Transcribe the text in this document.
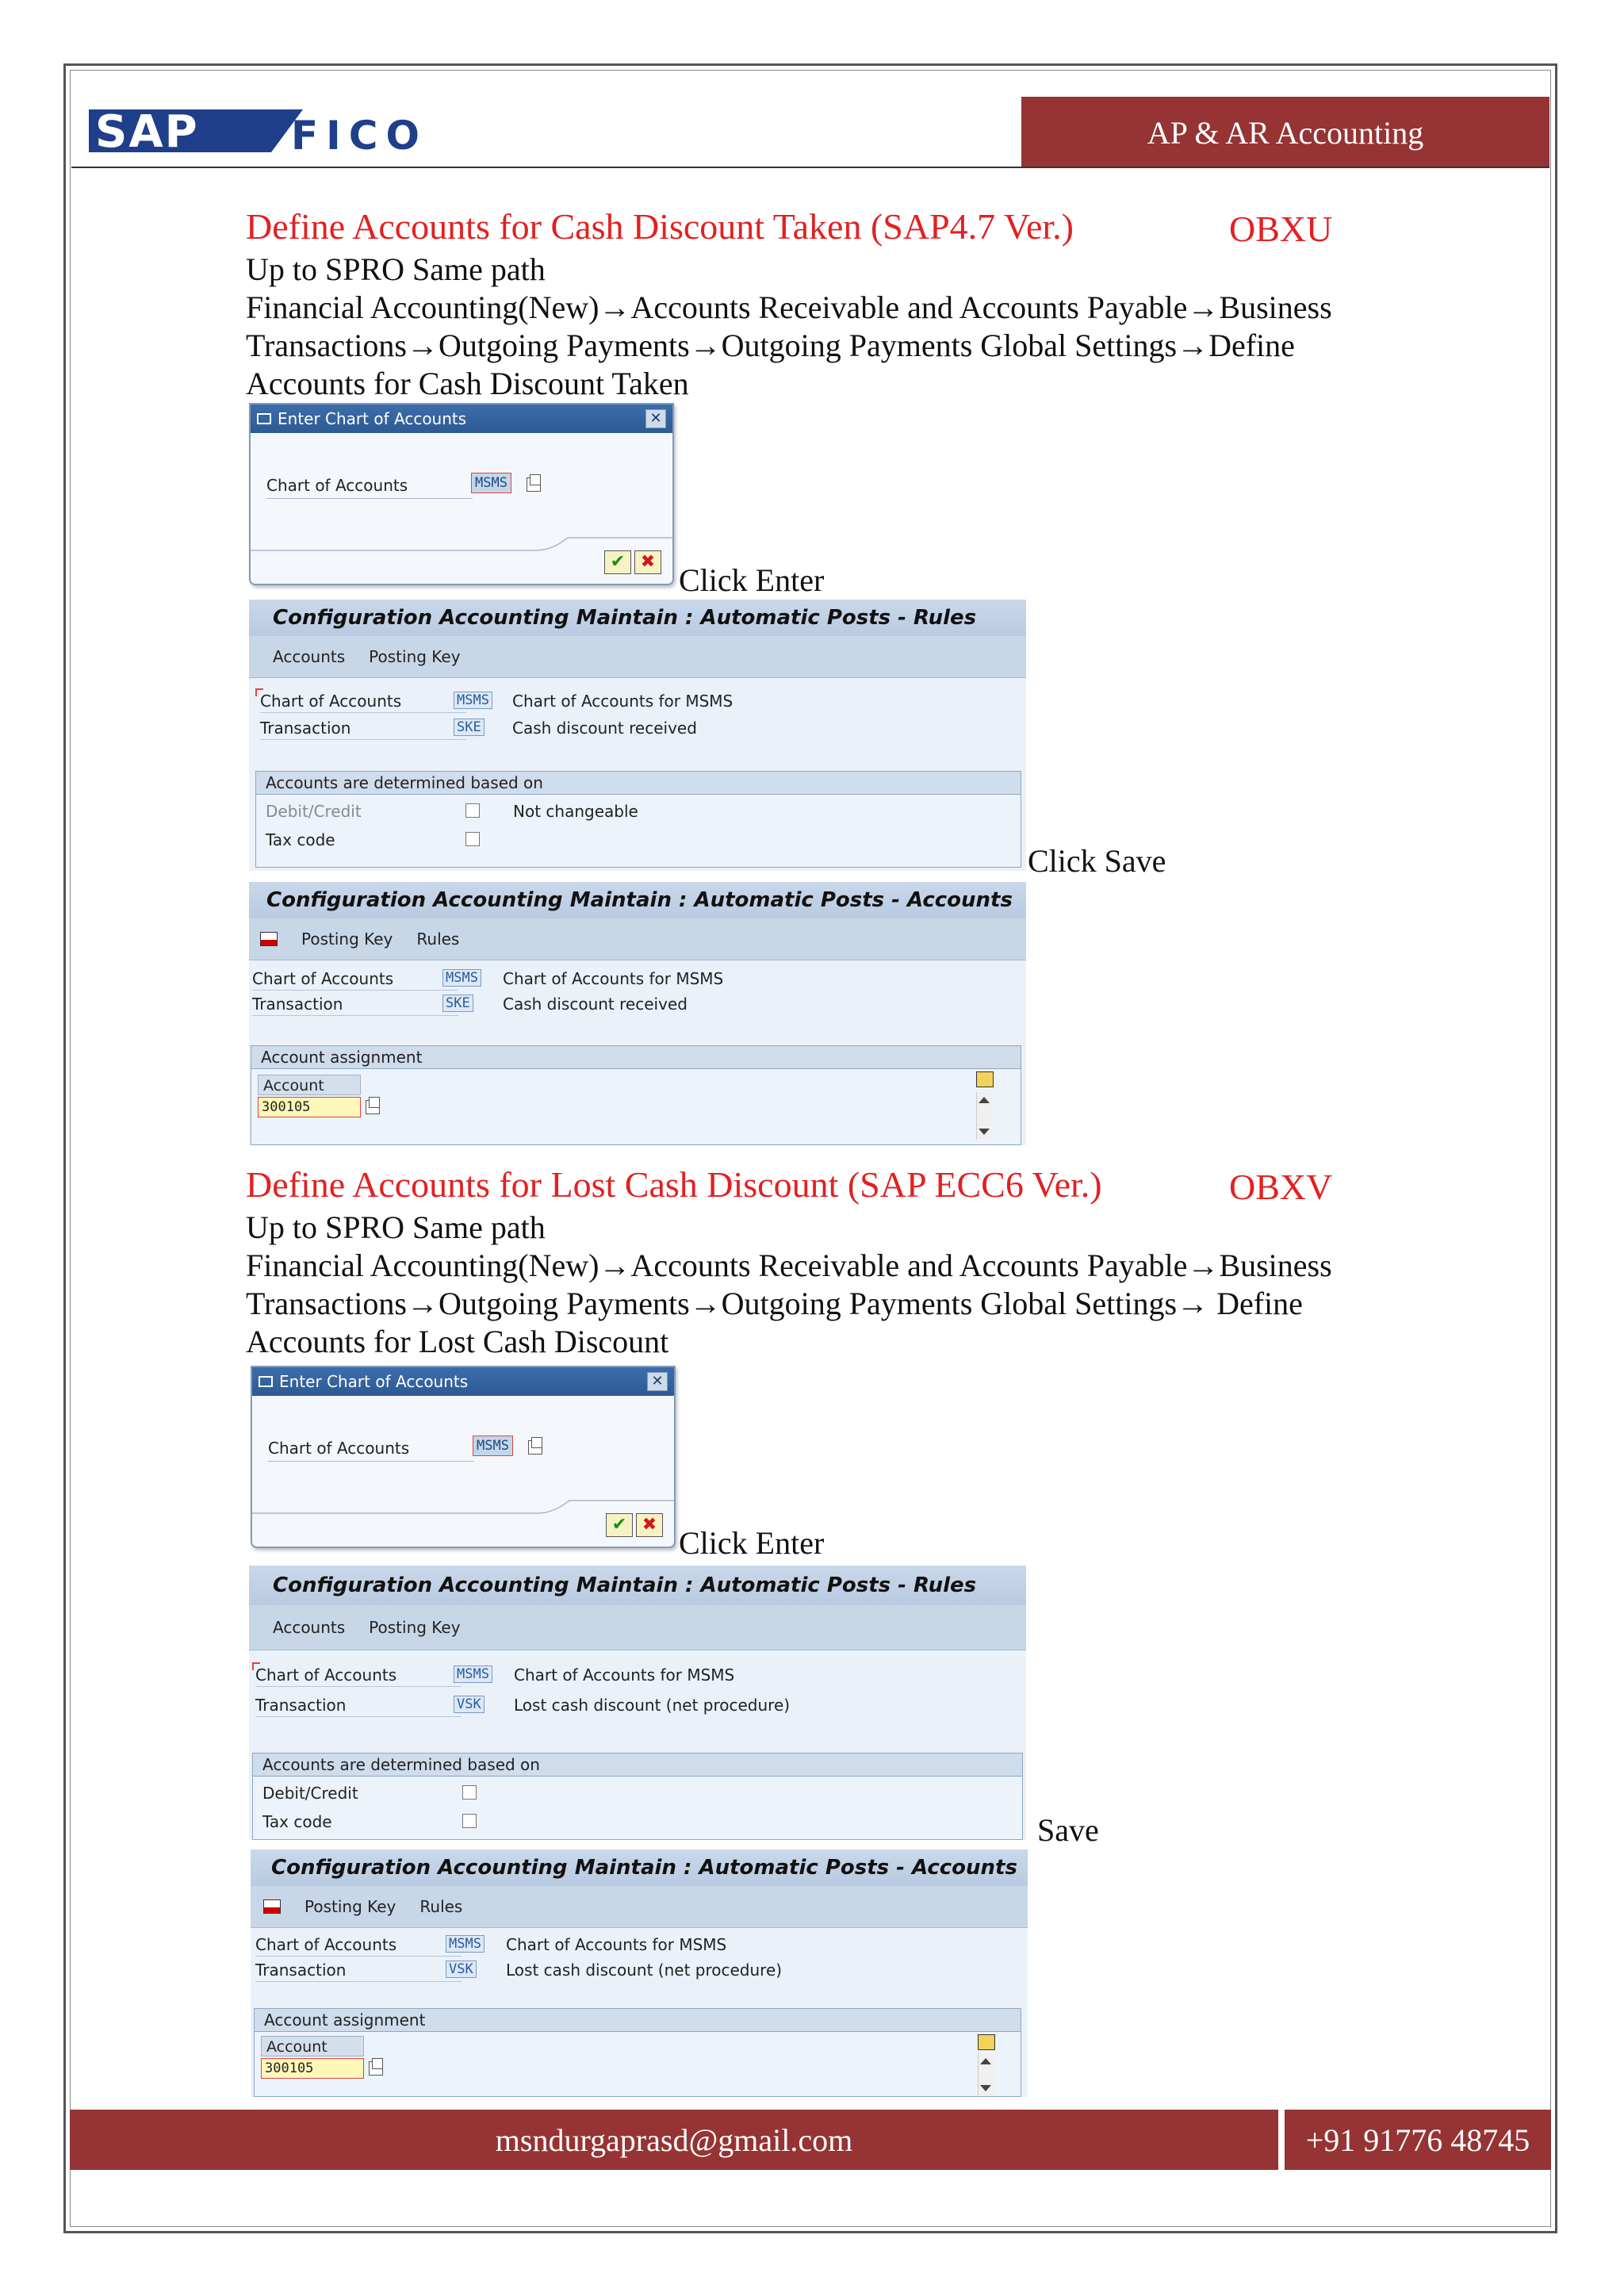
SAP FICO	AP & AR Accounting
Define Accounts for Cash Discount Taken (SAP4.7 Ver.)	OBXU
Up to SPRO Same path
Financial Accounting(New)→Accounts Receivable and Accounts Payable→Business
Transactions→Outgoing Payments→Outgoing Payments Global Settings→Define
Accounts for Cash Discount Taken
Enter Chart of Accounts	✕
Chart of Accounts	MSMS
✔ ✖
Click Enter
Configuration Accounting Maintain : Automatic Posts - Rules
Accounts Posting Key
Chart of Accounts	MSMS Chart of Accounts for MSMS
Transaction	SKE Cash discount received
Accounts are determined based on
Debit/Credit	Not changeable
Tax code
Click Save
Configuration Accounting Maintain : Automatic Posts - Accounts
Posting Key Rules
Chart of Accounts	MSMS Chart of Accounts for MSMS
Transaction	SKE Cash discount received
Account assignment
Account
300105
Define Accounts for Lost Cash Discount (SAP ECC6 Ver.)	OBXV
Up to SPRO Same path
Financial Accounting(New)→Accounts Receivable and Accounts Payable→Business
Transactions→Outgoing Payments→Outgoing Payments Global Settings→ Define
Accounts for Lost Cash Discount
Enter Chart of Accounts	✕
Chart of Accounts	MSMS
✔ ✖
Click Enter
Configuration Accounting Maintain : Automatic Posts - Rules
Accounts Posting Key
Chart of Accounts	MSMS Chart of Accounts for MSMS
Transaction	VSK Lost cash discount (net procedure)
Accounts are determined based on
Debit/Credit
Tax code	Save
Configuration Accounting Maintain : Automatic Posts - Accounts
Posting Key Rules
Chart of Accounts	MSMS Chart of Accounts for MSMS
Transaction	VSK Lost cash discount (net procedure)
Account assignment
Account
300105
msndurgaprasd@gmail.com	+91 91776 48745
